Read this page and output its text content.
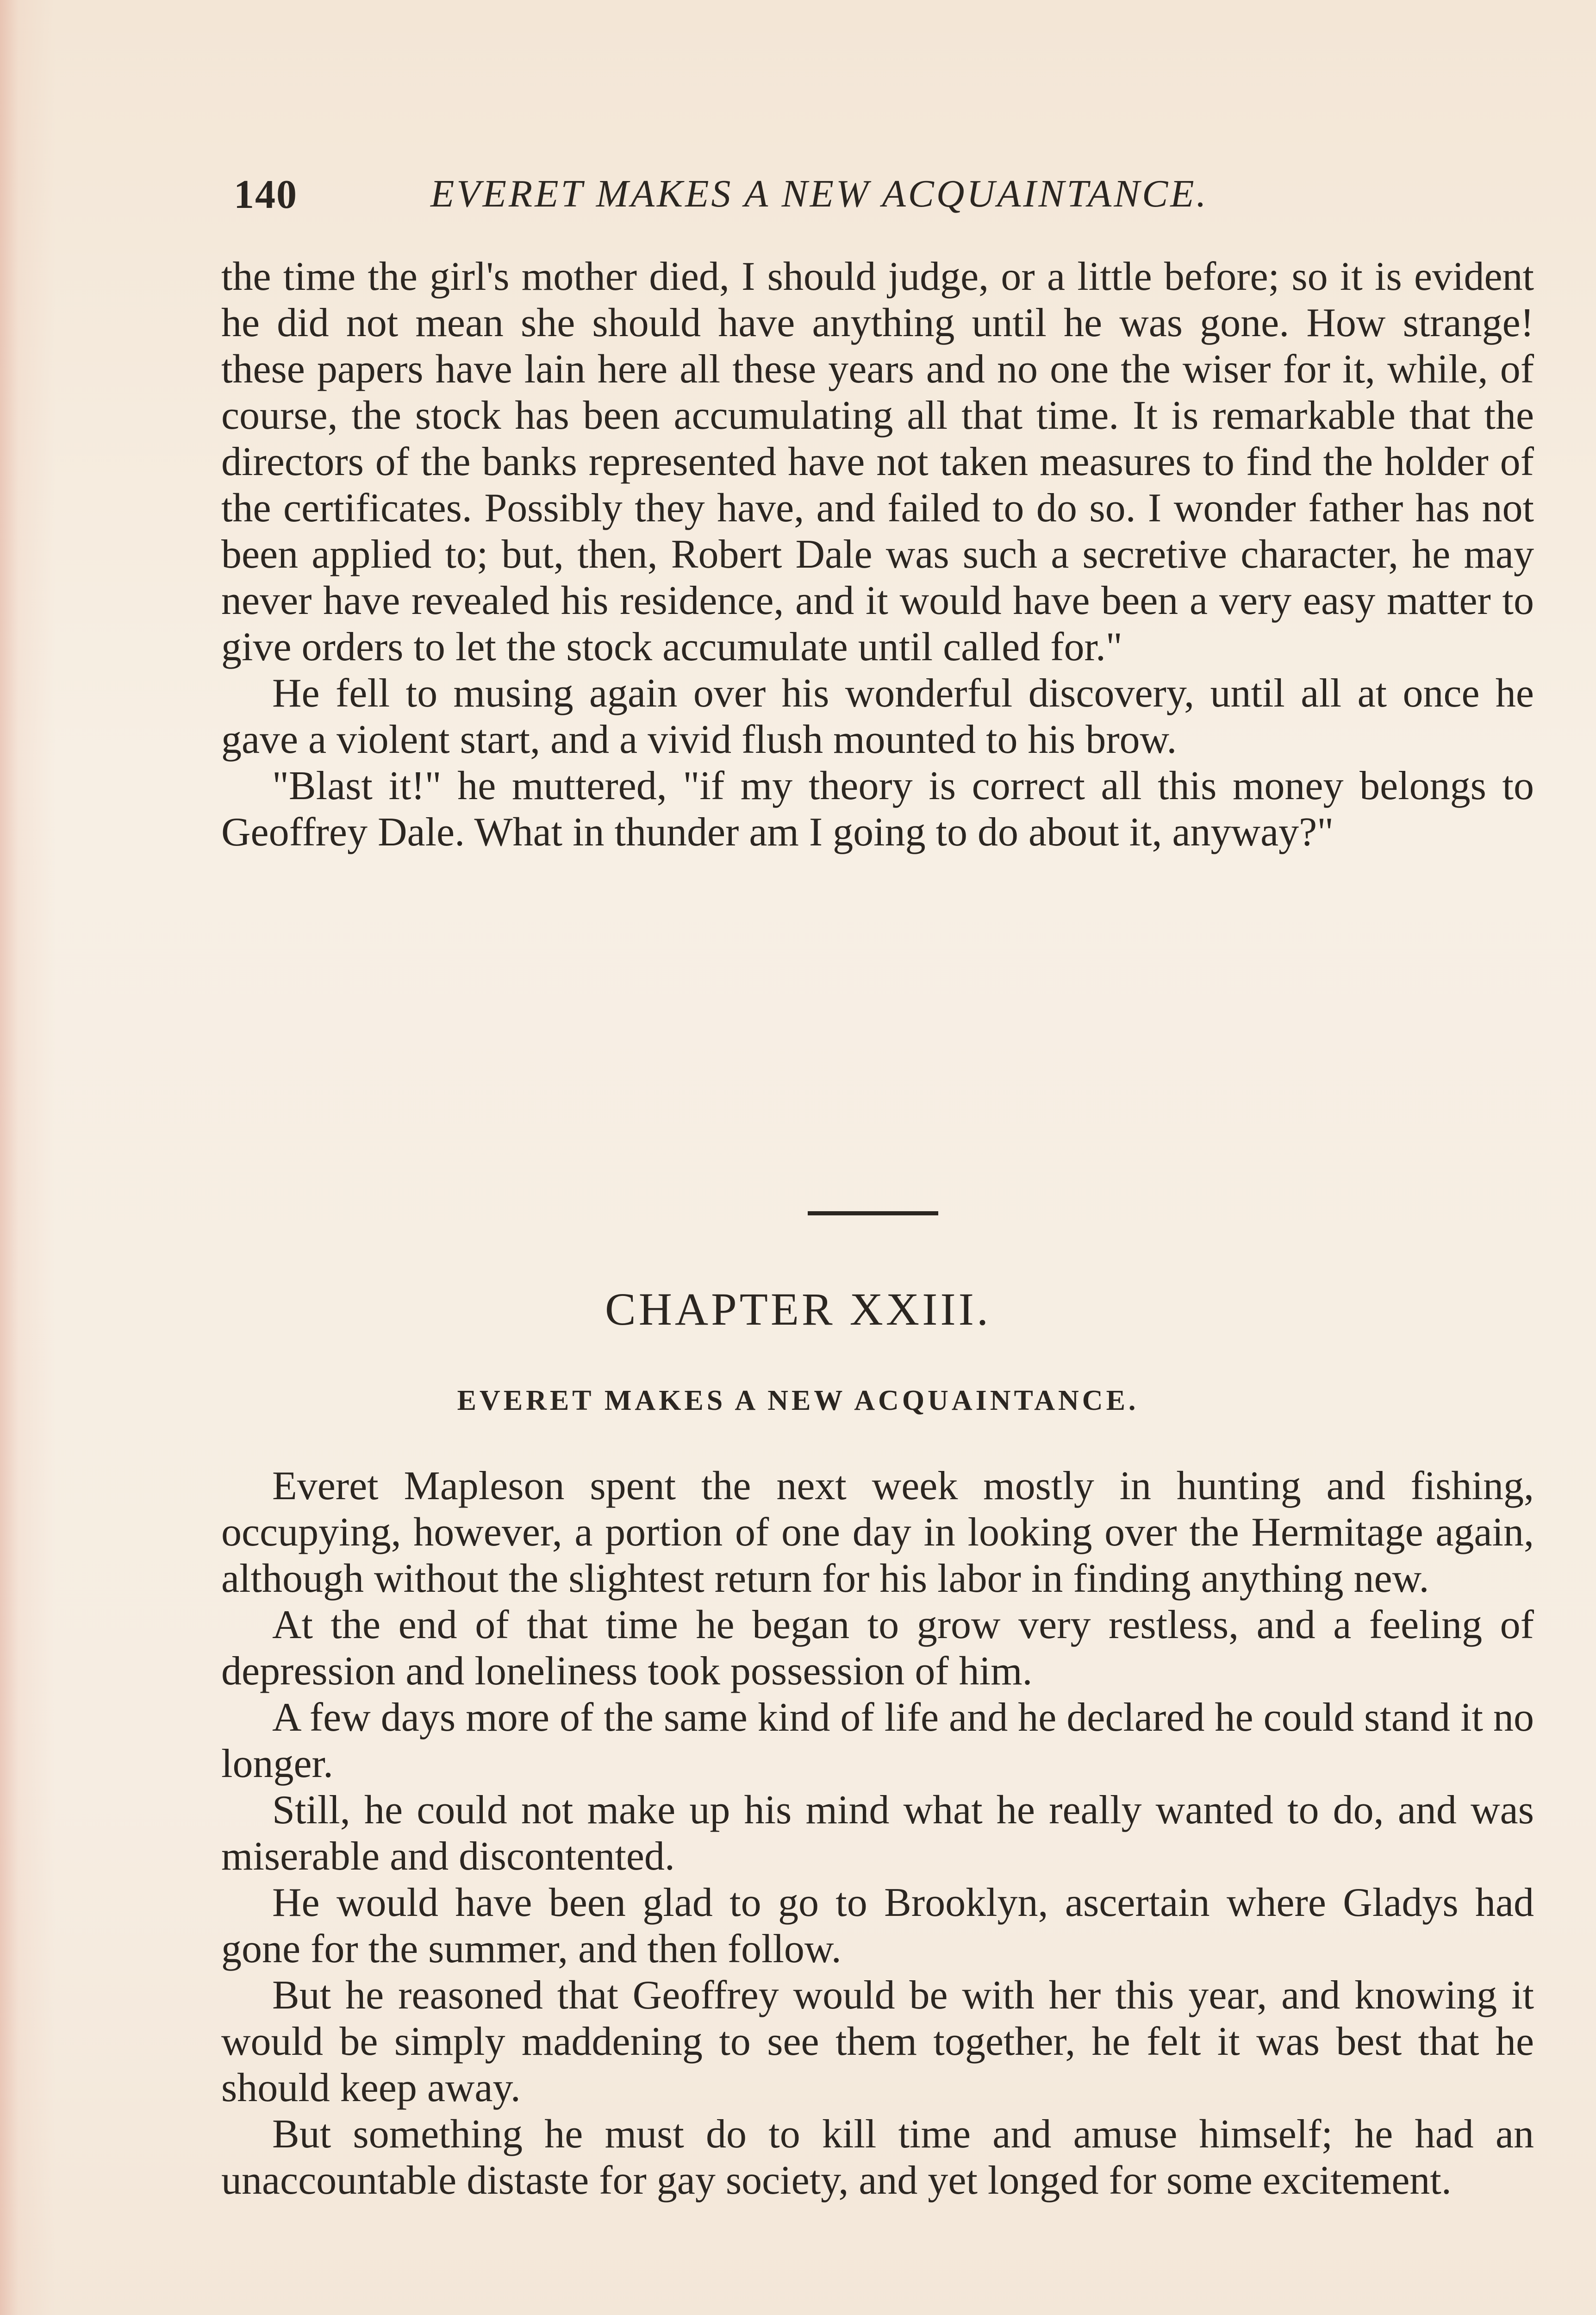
140	EVERET MAKES A NEW ACQUAINTANCE.

the time the girl's mother died, I should judge, or a little before; so it is evident he did not mean she should have anything until he was gone. How strange! these papers have lain here all these years and no one the wiser for it, while, of course, the stock has been accumulating all that time. It is remarkable that the directors of the banks represented have not taken measures to find the holder of the certificates. Possibly they have, and failed to do so. I wonder father has not been applied to; but, then, Robert Dale was such a secretive character, he may never have revealed his residence, and it would have been a very easy matter to give orders to let the stock accumulate until called for."

He fell to musing again over his wonderful discovery, until all at once he gave a violent start, and a vivid flush mounted to his brow.

"Blast it!" he muttered, "if my theory is correct all this money belongs to Geoffrey Dale. What in thunder am I going to do about it, anyway?"

CHAPTER XXIII.
EVERET MAKES A NEW ACQUAINTANCE.

Everet Mapleson spent the next week mostly in hunting and fishing, occupying, however, a portion of one day in looking over the Hermitage again, although without the slightest return for his labor in finding anything new.

At the end of that time he began to grow very restless, and a feeling of depression and loneliness took possession of him.

A few days more of the same kind of life and he declared he could stand it no longer.

Still, he could not make up his mind what he really wanted to do, and was miserable and discontented.

He would have been glad to go to Brooklyn, ascertain where Gladys had gone for the summer, and then follow.

But he reasoned that Geoffrey would be with her this year, and knowing it would be simply maddening to see them together, he felt it was best that he should keep away.

But something he must do to kill time and amuse himself; he had an unaccountable distaste for gay society, and yet longed for some excitement.
